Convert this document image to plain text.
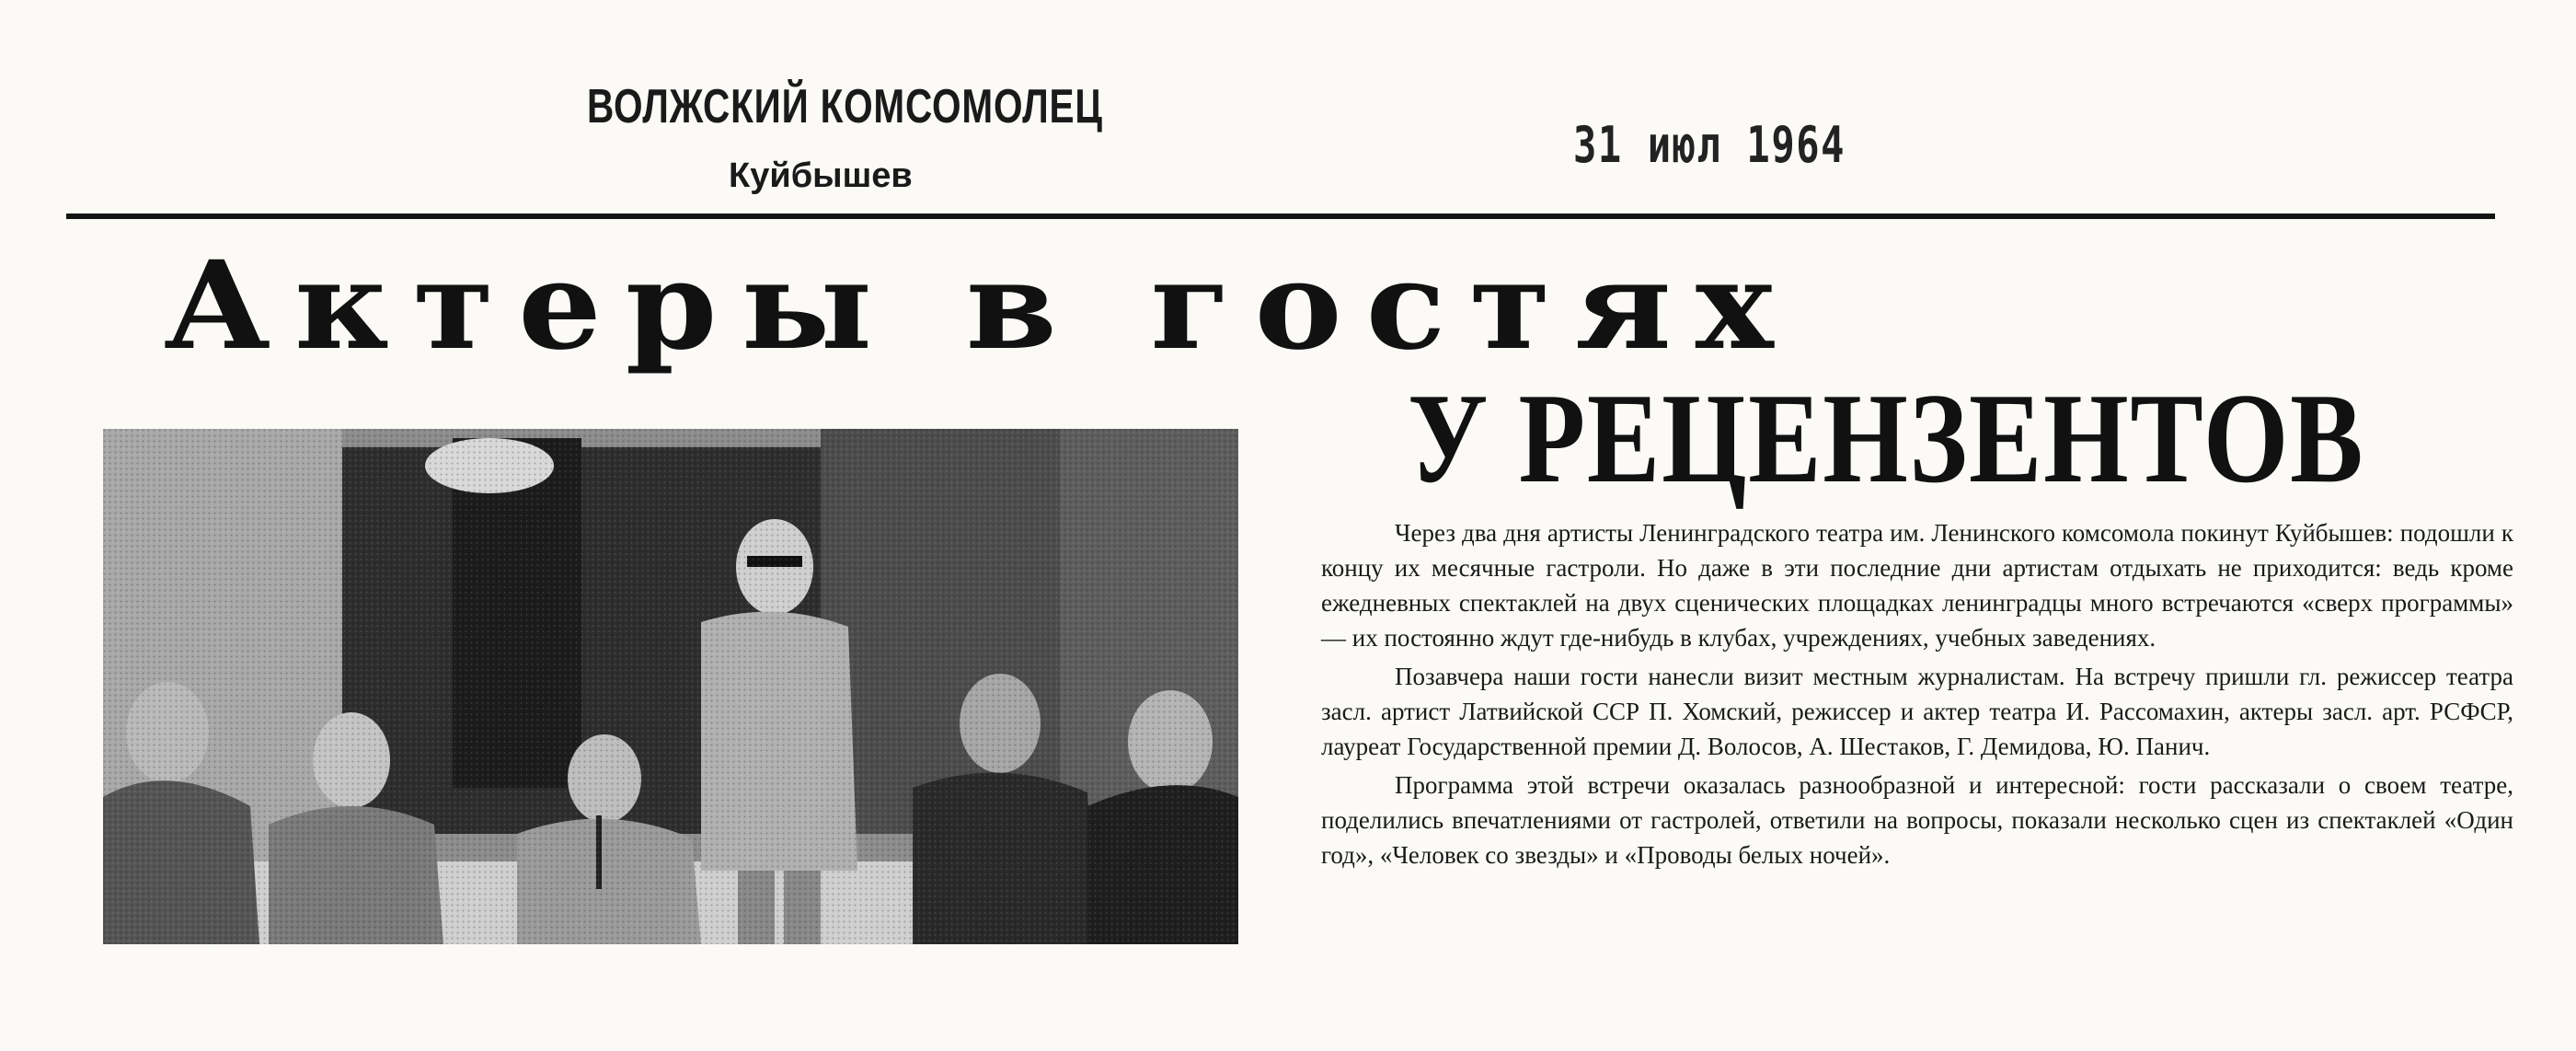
ВОЛЖСКИЙ КОМСОМОЛЕЦ
Куйбышев
31 июл 1964
Актеры в гостях
У РЕЦЕНЗЕНТОВ

Через два дня артисты Ленинградского театра им. Ленинского комсомола покинут Куйбышев: подошли к концу их месячные гастроли. Но даже в эти последние дни артистам отдыхать не приходится: ведь кроме ежедневных спектаклей на двух сценических площадках ленинградцы много встречаются «сверх программы» — их постоянно ждут где-нибудь в клубах, учреждениях, учебных заведениях.

Позавчера наши гости нанесли визит местным журналистам. На встречу пришли гл. режиссер театра засл. артист Латвийской ССР П. Хомский, режиссер и актер театра И. Рассомахин, актеры засл. арт. РСФСР, лауреат Государственной премии Д. Волосов, А. Шестаков, Г. Демидова, Ю. Панич.

Программа этой встречи оказалась разнообразной и интересной: гости рассказали о своем театре, поделились впечатлениями от гастролей, ответили на вопросы, показали несколько сцен из спектаклей «Один год», «Человек со звезды» и «Проводы белых ночей».
